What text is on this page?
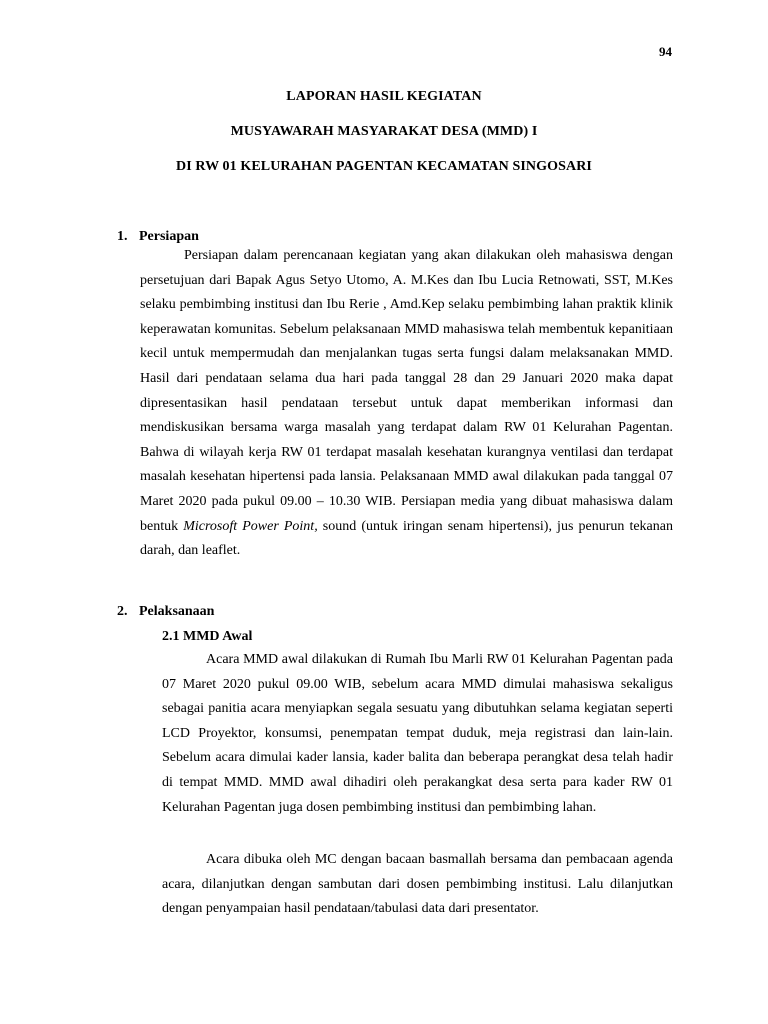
94
LAPORAN HASIL KEGIATAN
MUSYAWARAH MASYARAKAT DESA (MMD) I
DI RW 01 KELURAHAN PAGENTAN KECAMATAN SINGOSARI
1. Persiapan

Persiapan dalam perencanaan kegiatan yang akan dilakukan oleh mahasiswa dengan persetujuan dari Bapak Agus Setyo Utomo, A. M.Kes dan Ibu Lucia Retnowati, SST, M.Kes selaku pembimbing institusi dan Ibu Rerie , Amd.Kep selaku pembimbing lahan praktik klinik keperawatan komunitas. Sebelum pelaksanaan MMD mahasiswa telah membentuk kepanitiaan kecil untuk mempermudah dan menjalankan tugas serta fungsi dalam melaksanakan MMD. Hasil dari pendataan selama dua hari pada tanggal 28 dan 29 Januari 2020 maka dapat dipresentasikan hasil pendataan tersebut untuk dapat memberikan informasi dan mendiskusikan bersama warga masalah yang terdapat dalam RW 01 Kelurahan Pagentan. Bahwa di wilayah kerja RW 01 terdapat masalah kesehatan kurangnya ventilasi dan terdapat masalah kesehatan hipertensi pada lansia. Pelaksanaan MMD awal dilakukan pada tanggal 07 Maret 2020 pada pukul 09.00 – 10.30 WIB. Persiapan media yang dibuat mahasiswa dalam bentuk Microsoft Power Point, sound (untuk iringan senam hipertensi), jus penurun tekanan darah, dan leaflet.

2. Pelaksanaan
2.1 MMD Awal

Acara MMD awal dilakukan di Rumah Ibu Marli RW 01 Kelurahan Pagentan pada 07 Maret 2020 pukul 09.00 WIB, sebelum acara MMD dimulai mahasiswa sekaligus sebagai panitia acara menyiapkan segala sesuatu yang dibutuhkan selama kegiatan seperti LCD Proyektor, konsumsi, penempatan tempat duduk, meja registrasi dan lain-lain. Sebelum acara dimulai kader lansia, kader balita dan beberapa perangkat desa telah hadir di tempat MMD. MMD awal dihadiri oleh perakangkat desa serta para kader RW 01 Kelurahan Pagentan juga dosen pembimbing institusi dan pembimbing lahan.

Acara dibuka oleh MC dengan bacaan basmallah bersama dan pembacaan agenda acara, dilanjutkan dengan sambutan dari dosen pembimbing institusi. Lalu dilanjutkan dengan penyampaian hasil pendataan/tabulasi data dari presentator.
